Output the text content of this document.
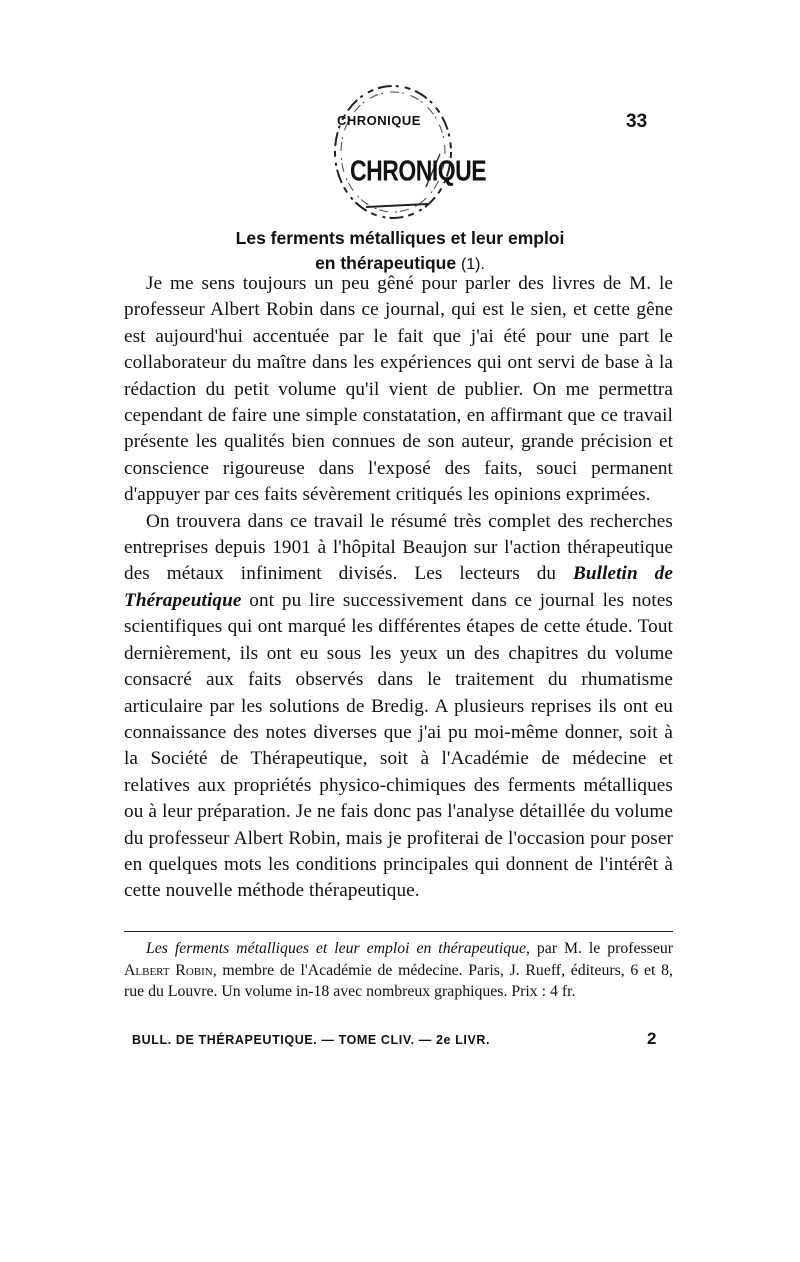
CHRONIQUE
CHRONIQUE
33
Les ferments métalliques et leur emploi
en thérapeutique (1).

Je me sens toujours un peu gêné pour parler des livres de M. le professeur Albert Robin dans ce journal, qui est le sien, et cette gêne est aujourd'hui accentuée par le fait que j'ai été pour une part le collaborateur du maître dans les expériences qui ont servi de base à la rédaction du petit volume qu'il vient de publier. On me permettra cependant de faire une simple constatation, en affirmant que ce travail présente les qualités bien connues de son auteur, grande précision et conscience rigoureuse dans l'exposé des faits, souci permanent d'appuyer par ces faits sévèrement critiqués les opinions exprimées.

On trouvera dans ce travail le résumé très complet des recherches entreprises depuis 1901 à l'hôpital Beaujon sur l'action thérapeutique des métaux infiniment divisés. Les lecteurs du Bulletin de Thérapeutique ont pu lire successivement dans ce journal les notes scientifiques qui ont marqué les différentes étapes de cette étude. Tout dernièrement, ils ont eu sous les yeux un des chapitres du volume consacré aux faits observés dans le traitement du rhumatisme articulaire par les solutions de Bredig. A plusieurs reprises ils ont eu connaissance des notes diverses que j'ai pu moi-même donner, soit à la Société de Thérapeutique, soit à l'Académie de médecine et relatives aux propriétés physico-chimiques des ferments métalliques ou à leur préparation. Je ne fais donc pas l'analyse détaillée du volume du professeur Albert Robin, mais je profiterai de l'occasion pour poser en quelques mots les conditions principales qui donnent de l'intérêt à cette nouvelle méthode thérapeutique.

Les ferments métalliques et leur emploi en thérapeutique, par M. le professeur Albert Robin, membre de l'Académie de médecine. Paris, J. Rueff, éditeurs, 6 et 8, rue du Louvre. Un volume in-18 avec nombreux graphiques. Prix : 4 fr.

BULL. DE THÉRAPEUTIQUE. — TOME CLIV. — 2e LIVR.	2
